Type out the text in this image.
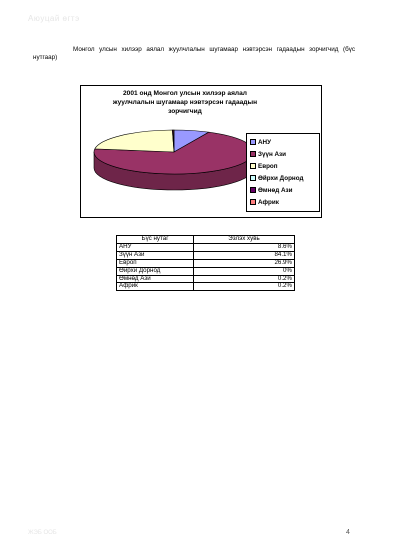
Аюуцай өгтэ
Монгол улсын хилээр аялал жуулчлалын шугамаар нэвтэрсэн гадаадын зорчигчид (бүс нутгаар)
2001 онд Монгол улсын хилээр аялал жуулчлалын шугамаар нэвтэрсэн гадаадын зорчигчид
АНУ
Зүүн Ази
Европ
Өйрхи Дорнод
Өмнөд Ази
Африк
Бүс нутаг	Эзлэх хувь
АНУ	8.6%
Зүүн Ази	84.1%
Европ	26.9%
Өйрхи Дорнод	0%
Өмнөд Ази	0.2%
Африк	0.2%
ЖЭБ ООБ	4
